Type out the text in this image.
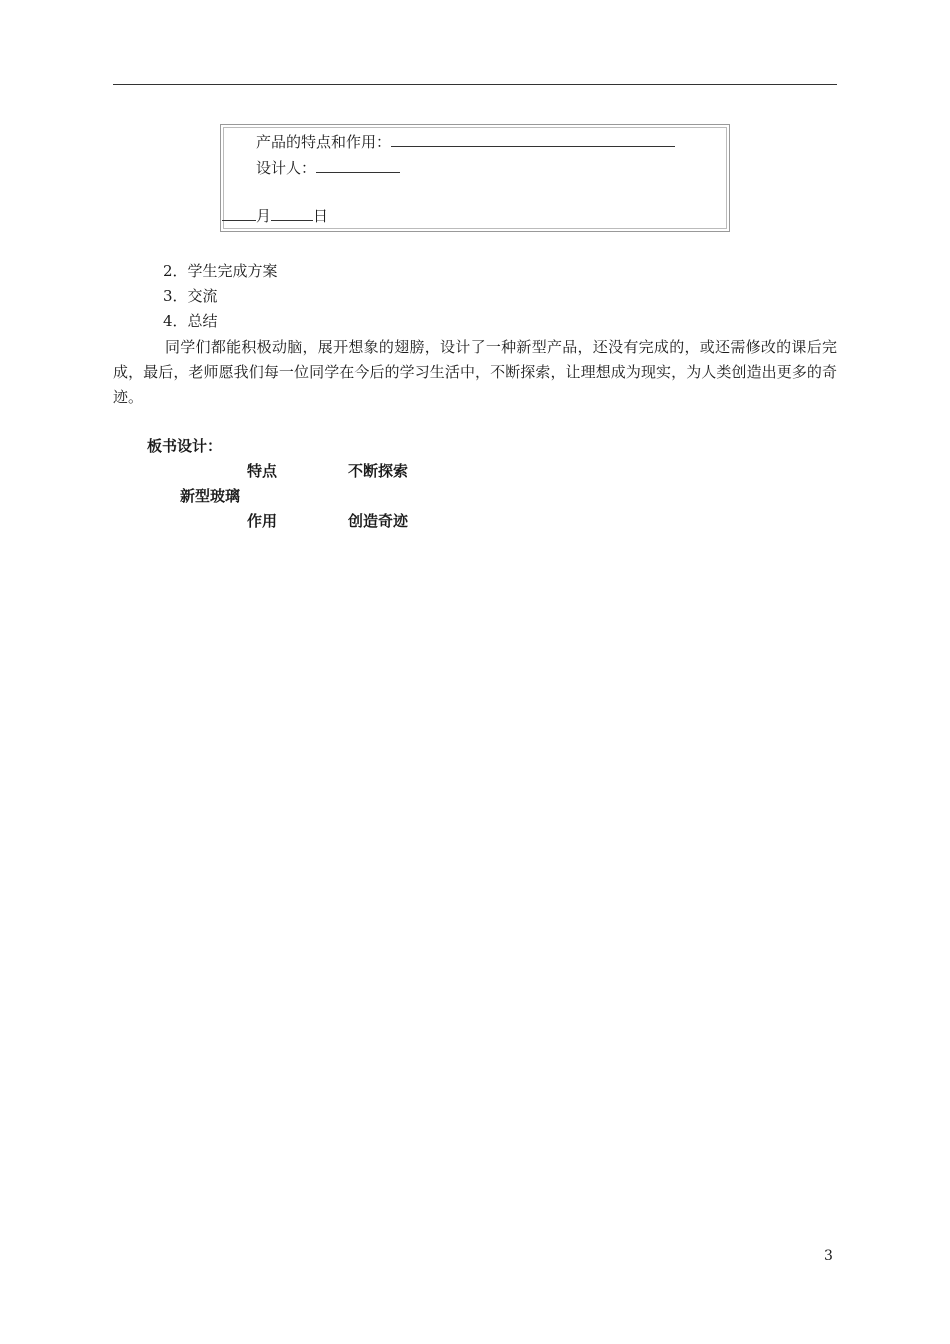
产品的特点和作用：
设计人：
月	日
2．学生完成方案
3．交流
4．总结
同学们都能积极动脑，展开想象的翅膀，设计了一种新型产品，还没有完成的，或还需修改的课后完成，最后，老师愿我们每一位同学在今后的学习生活中，不断探索，让理想成为现实，为人类创造出更多的奇迹。
板书设计：
特点	不断探索
新型玻璃
作用	创造奇迹
3
